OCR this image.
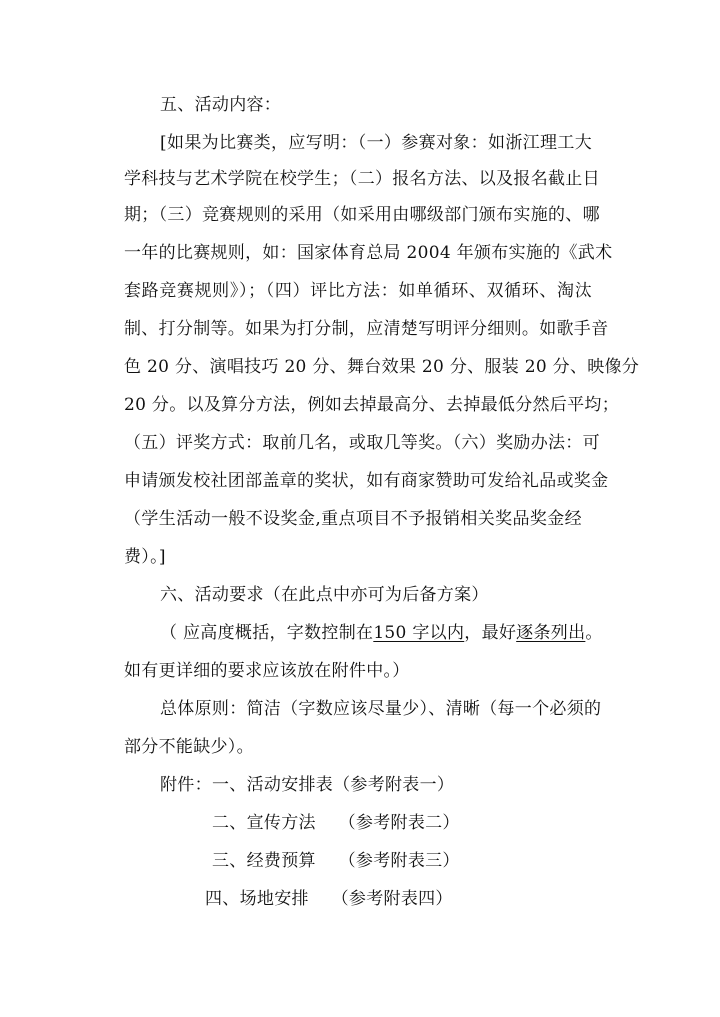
五、活动内容：

[如果为比赛类，应写明：（一）参赛对象：如浙江理工大

学科技与艺术学院在校学生；（二）报名方法、以及报名截止日

期；（三）竞赛规则的采用（如采用由哪级部门颁布实施的、哪

一年的比赛规则，如：国家体育总局 2004 年颁布实施的《武术

套路竞赛规则》）；（四）评比方法：如单循环、双循环、淘汰

制、打分制等。如果为打分制，应清楚写明评分细则。如歌手音

色 20 分、演唱技巧 20 分、舞台效果 20 分、服装 20 分、映像分

20 分。以及算分方法，例如去掉最高分、去掉最低分然后平均；

（五）评奖方式：取前几名，或取几等奖。（六）奖励办法：可

申请颁发校社团部盖章的奖状，如有商家赞助可发给礼品或奖金

（学生活动一般不设奖金,重点项目不予报销相关奖品奖金经

费）。]

六、活动要求（在此点中亦可为后备方案）

（ 应高度概括，字数控制在150 字以内，最好逐条列出。

如有更详细的要求应该放在附件中。）

总体原则：简洁（字数应该尽量少）、清晰（每一个必须的

部分不能缺少）。

附件： 一、活动安排表（参考附表一）

二、宣传方法    （参考附表二）

三、经费预算    （参考附表三）

四、场地安排    （参考附表四）
